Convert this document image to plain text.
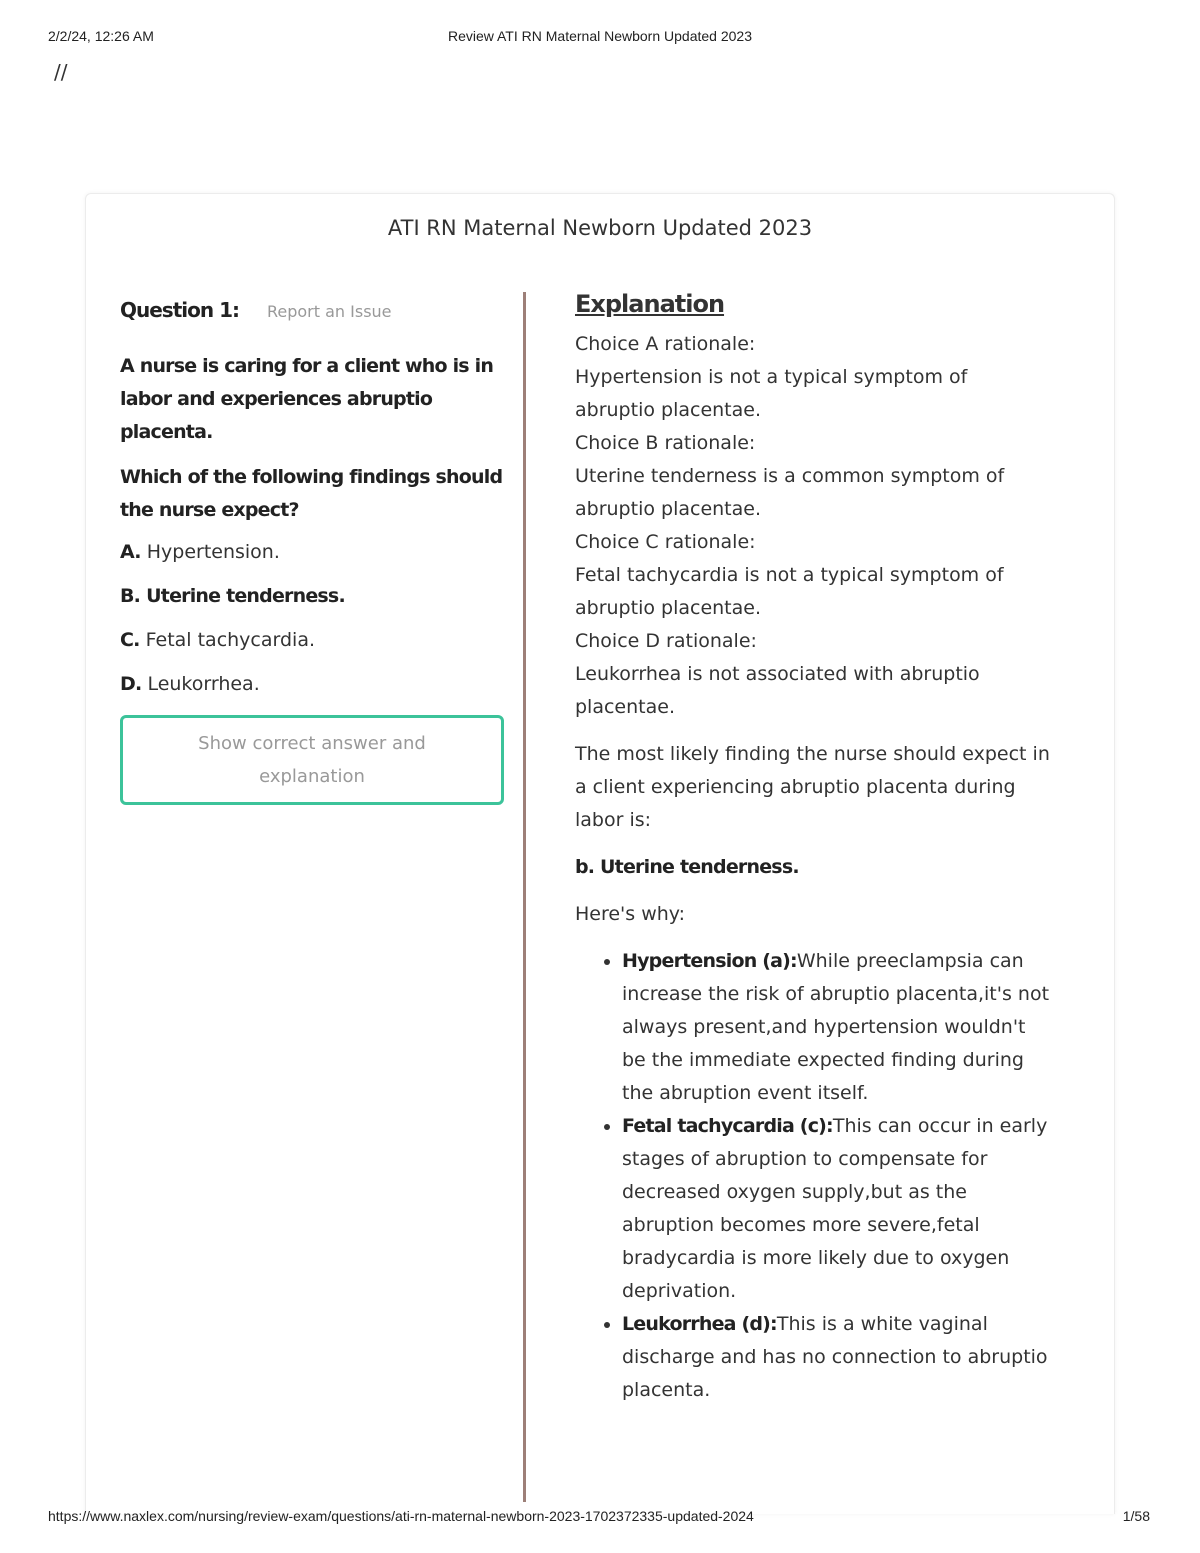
2/2/24, 12:26 AM	Review ATI RN Maternal Newborn Updated 2023
//
ATI RN Maternal Newborn Updated 2023
Question 1: Report an Issue

A nurse is caring for a client who is in labor and experiences abruptio placenta.

Which of the following findings should the nurse expect?

A. Hypertension.
B. Uterine tenderness.
C. Fetal tachycardia.
D. Leukorrhea.
Show correct answer and explanation
Explanation
Choice A rationale:
Hypertension is not a typical symptom of abruptio placentae.
Choice B rationale:
Uterine tenderness is a common symptom of abruptio placentae.
Choice C rationale:
Fetal tachycardia is not a typical symptom of abruptio placentae.
Choice D rationale:
Leukorrhea is not associated with abruptio placentae.

The most likely finding the nurse should expect in a client experiencing abruptio placenta during labor is:

b. Uterine tenderness.

Here's why:

• Hypertension (a):While preeclampsia can increase the risk of abruptio placenta,it's not always present,and hypertension wouldn't be the immediate expected finding during the abruption event itself.
• Fetal tachycardia (c):This can occur in early stages of abruption to compensate for decreased oxygen supply,but as the abruption becomes more severe,fetal bradycardia is more likely due to oxygen deprivation.
• Leukorrhea (d):This is a white vaginal discharge and has no connection to abruptio placenta.
https://www.naxlex.com/nursing/review-exam/questions/ati-rn-maternal-newborn-2023-1702372335-updated-2024	1/58
